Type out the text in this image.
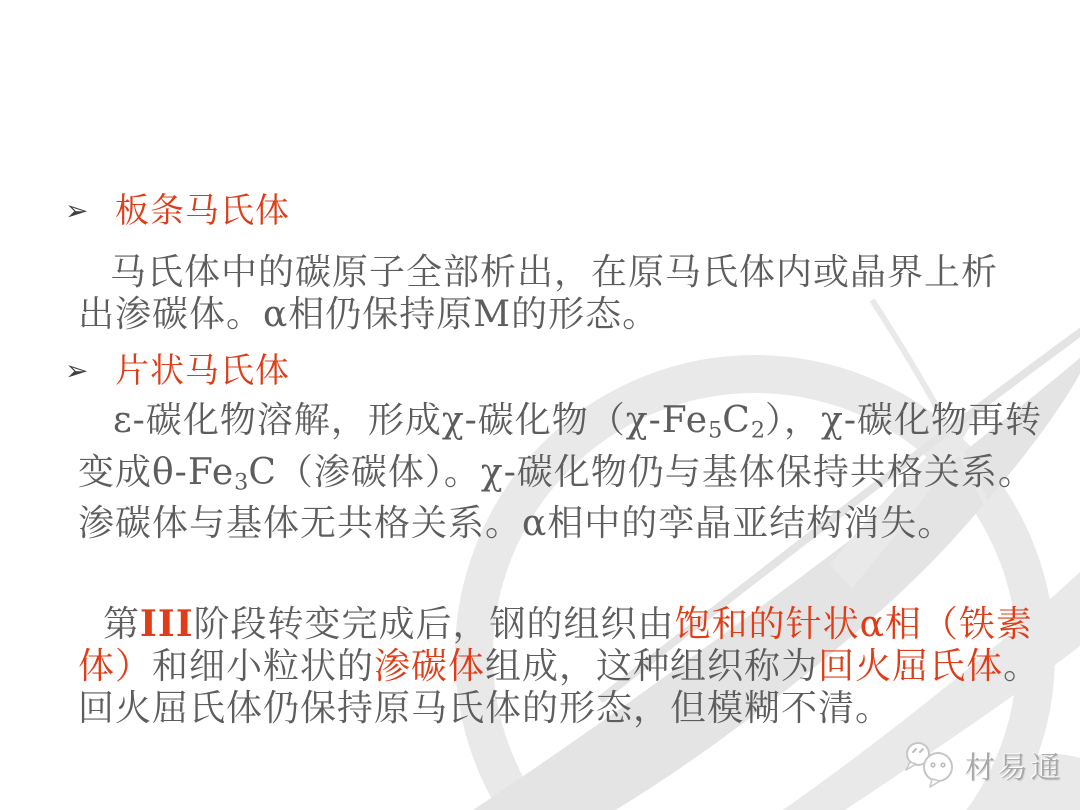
➢ 板条马氏体
马氏体中的碳原子全部析出，在原马氏体内或晶界上析
出渗碳体。α相仍保持原M的形态。
➢ 片状马氏体
ε-碳化物溶解，形成χ-碳化物$(\chi-Fe_5C_2)$，χ-碳化物再转
变成$\theta-Fe_3C$（渗碳体）。χ-碳化物仍与基体保持共格关系。
渗碳体与基体无共格关系。α相中的孪晶亚结构消失。
第III阶段转变完成后，钢的组织由饱和的针状α相（铁素
体）和细小粒状的渗碳体组成，这种组织称为回火屈氏体。
回火屈氏体仍保持原马氏体的形态，但模糊不清。
材易通
